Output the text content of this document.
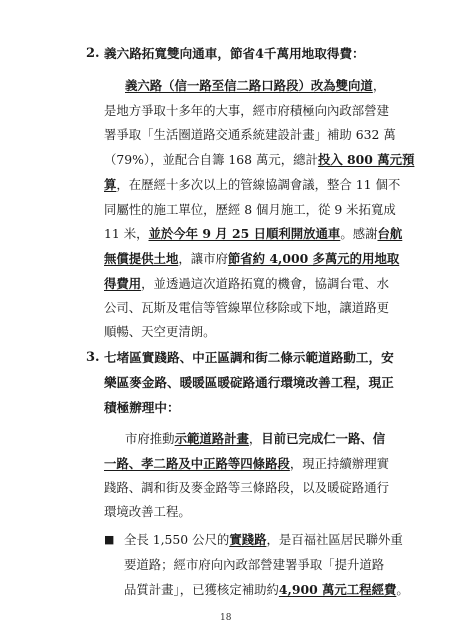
2. 義六路拓寬雙向通車，節省4千萬用地取得費：
義六路（信一路至信二路口路段）改為雙向道，
是地方爭取十多年的大事，經市府積極向內政部營建
署爭取「生活圈道路交通系統建設計畫」補助 632 萬
（79%），並配合自籌 168 萬元，總計投入 800 萬元預
算，在歷經十多次以上的管線協調會議，整合 11 個不
同屬性的施工單位，歷經 8 個月施工，從 9 米拓寬成
11 米，並於今年 9 月 25 日順利開放通車。感謝台航
無償提供土地，讓市府節省約 4,000 多萬元的用地取
得費用，並透過這次道路拓寬的機會，協調台電、水
公司、瓦斯及電信等管線單位移除或下地，讓道路更
順暢、天空更清朗。
3. 七堵區實踐路、中正區調和街二條示範道路動工，安
樂區麥金路、暖暖區暖碇路通行環境改善工程，現正
積極辦理中：
市府推動示範道路計畫，目前已完成仁一路、信
一路、孝二路及中正路等四條路段，現正持續辦理實
踐路、調和街及麥金路等三條路段，以及暖碇路通行
環境改善工程。
■ 全長 1,550 公尺的實踐路，是百福社區居民聯外重
要道路；經市府向內政部營建署爭取「提升道路
品質計畫」，已獲核定補助約4,900 萬元工程經費。
18
